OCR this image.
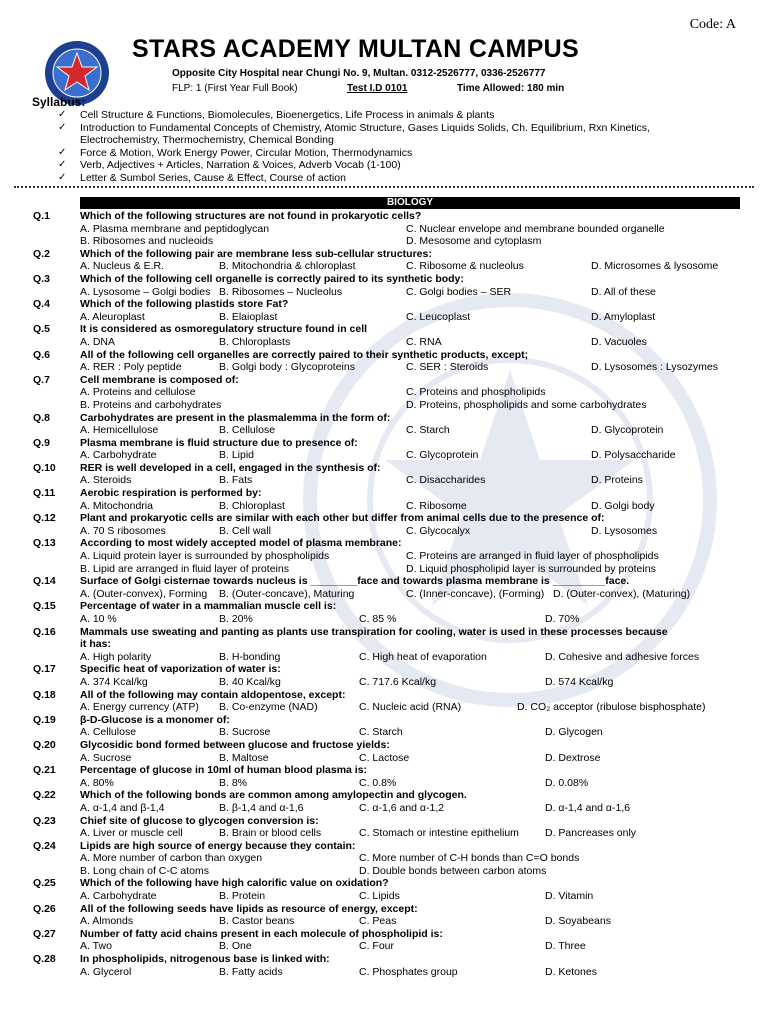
Code: A
STARS ACADEMY MULTAN CAMPUS
Opposite City Hospital near Chungi No. 9, Multan. 0312-2526777, 0336-2526777
FLP: 1 (First Year Full Book)	Test I.D 0101	Time Allowed: 180 min
Syllabus:
✓ Cell Structure & Functions, Biomolecules, Bioenergetics, Life Process in animals & plants
✓ Introduction to Fundamental Concepts of Chemistry, Atomic Structure, Gases Liquids Solids, Ch. Equilibrium, Rxn Kinetics,
Electrochemistry, Thermochemistry, Chemical Bonding
✓ Force & Motion, Work Energy Power, Circular Motion, Thermodynamics
✓ Verb, Adjectives + Articles, Narration & Voices, Adverb Vocab (1-100)
✓ Letter & Sumbol Series, Cause & Effect, Course of action
BIOLOGY
Q.1	Which of the following structures are not found in prokaryotic cells?
A. Plasma membrane and peptidoglycan	C. Nuclear envelope and membrane bounded organelle
B. Ribosomes and nucleoids	D. Mesosome and cytoplasm
Q.2	Which of the following pair are membrane less sub-cellular structures:
A. Nucleus & E.R.	B. Mitochondria & chloroplast	C. Ribosome & nucleolus	D. Microsomes & lysosome
Q.3	Which of the following cell organelle is correctly paired to its synthetic body:
A. Lysosome – Golgi bodies B. Ribosomes – Nucleolus	C. Golgi bodies – SER	D. All of these
Q.4	Which of the following plastids store Fat?
A. Aleuroplast	B. Elaioplast	C. Leucoplast	D. Amyloplast
Q.5	It is considered as osmoregulatory structure found in cell
A. DNA	B. Chloroplasts	C. RNA	D. Vacuoles
Q.6	All of the following cell organelles are correctly paired to their synthetic products, except;
A. RER : Poly peptide	B. Golgi body : Glycoproteins	C. SER : Steroids	D. Lysosomes : Lysozymes
Q.7	Cell membrane is composed of:
A. Proteins and cellulose	C. Proteins and phospholipids
B. Proteins and carbohydrates	D. Proteins, phospholipids and some carbohydrates
Q.8	Carbohydrates are present in the plasmalemma in the form of:
A. Hemicellulose	B. Cellulose	C. Starch	D. Glycoprotein
Q.9	Plasma membrane is fluid structure due to presence of:
A. Carbohydrate	B. Lipid	C. Glycoprotein	D. Polysaccharide
Q.10	RER is well developed in a cell, engaged in the synthesis of:
A. Steroids	B. Fats	C. Disaccharides	D. Proteins
Q.11	Aerobic respiration is performed by:
A. Mitochondria	B. Chloroplast	C. Ribosome	D. Golgi body
Q.12	Plant and prokaryotic cells are similar with each other but differ from animal cells due to the presence of:
A. 70 S ribosomes	B. Cell wall	C. Glycocalyx	D. Lysosomes
Q.13	According to most widely accepted model of plasma membrane:
A. Liquid protein layer is surrounded by phospholipids	C. Proteins are arranged in fluid layer of phospholipids
B. Lipid are arranged in fluid layer of proteins	D. Liquid phospholipid layer is surrounded by proteins
Q.14	Surface of Golgi cisternae towards nucleus is ________face and towards plasma membrane is _________face.
A. (Outer-convex), Forming B. (Outer-concave), Maturing	C. (Inner-concave), (Forming) D. (Outer-convex), (Maturing)
Q.15	Percentage of water in a mammalian muscle cell is:
A. 10 %	B. 20%	C. 85 %	D. 70%
Q.16	Mammals use sweating and panting as plants use transpiration for cooling, water is used in these processes because
it has:
A. High polarity	B. H-bonding	C. High heat of evaporation	D. Cohesive and adhesive forces
Q.17	Specific heat of vaporization of water is:
A. 374 Kcal/kg	B. 40 Kcal/kg	C. 717.6 Kcal/kg	D. 574 Kcal/kg
Q.18	All of the following may contain aldopentose, except:
A. Energy currency (ATP) B. Co-enzyme (NAD)	C. Nucleic acid (RNA)	D. CO₂ acceptor (ribulose bisphosphate)
Q.19	β-D-Glucose is a monomer of:
A. Cellulose	B. Sucrose	C. Starch	D. Glycogen
Q.20	Glycosidic bond formed between glucose and fructose yields:
A. Sucrose	B. Maltose	C. Lactose	D. Dextrose
Q.21	Percentage of glucose in 10ml of human blood plasma is:
A. 80%	B. 8%	C. 0.8%	D. 0.08%
Q.22	Which of the following bonds are common among amylopectin and glycogen.
A. α-1,4 and β-1,4	B. β-1,4 and α-1,6	C. α-1,6 and α-1,2	D. α-1,4 and α-1,6
Q.23	Chief site of glucose to glycogen conversion is:
A. Liver or muscle cell	B. Brain or blood cells	C. Stomach or intestine epithelium D. Pancreases only
Q.24	Lipids are high source of energy because they contain:
A. More number of carbon than oxygen	C. More number of C-H bonds than C=O bonds
B. Long chain of C-C atoms	D. Double bonds between carbon atoms
Q.25	Which of the following have high calorific value on oxidation?
A. Carbohydrate	B. Protein	C. Lipids	D. Vitamin
Q.26	All of the following seeds have lipids as resource of energy, except:
A. Almonds	B. Castor beans	C. Peas	D. Soyabeans
Q.27	Number of fatty acid chains present in each molecule of phospholipid is:
A. Two	B. One	C. Four	D. Three
Q.28	In phospholipids, nitrogenous base is linked with:
A. Glycerol	B. Fatty acids	C. Phosphates group	D. Ketones
